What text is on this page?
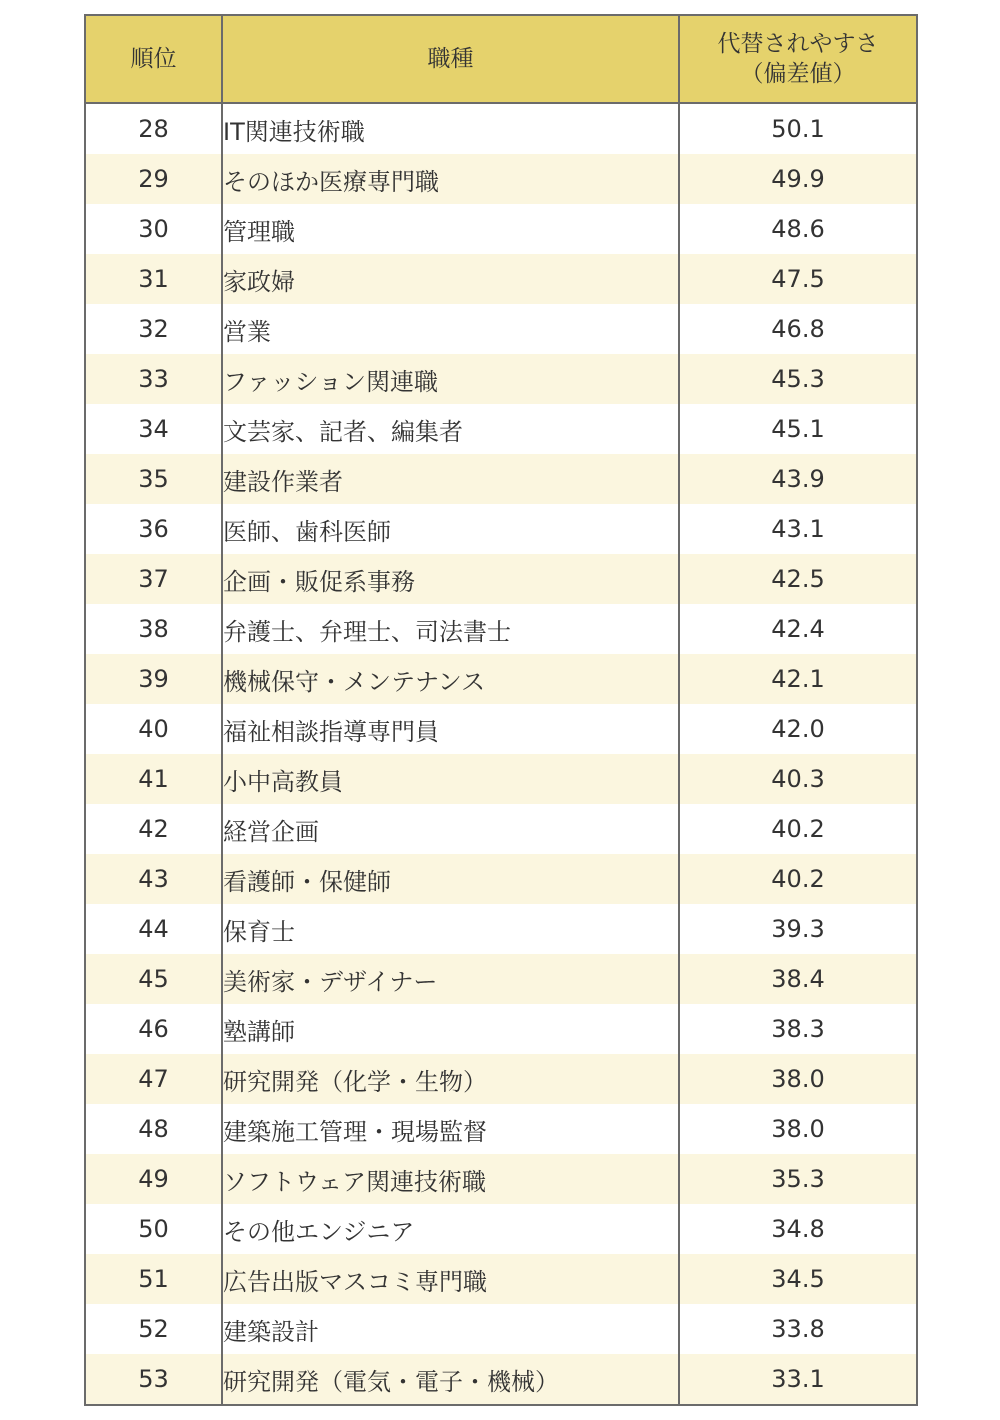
順位	職種	代替されやすさ
（偏差値）

28	IT関連技術職	50.1
29	そのほか医療専門職	49.9
30	管理職	48.6
31	家政婦	47.5
32	営業	46.8
33	ファッション関連職	45.3
34	文芸家、記者、編集者	45.1
35	建設作業者	43.9
36	医師、歯科医師	43.1
37	企画・販促系事務	42.5
38	弁護士、弁理士、司法書士	42.4
39	機械保守・メンテナンス	42.1
40	福祉相談指導専門員	42.0
41	小中高教員	40.3
42	経営企画	40.2
43	看護師・保健師	40.2
44	保育士	39.3
45	美術家・デザイナー	38.4
46	塾講師	38.3
47	研究開発（化学・生物）	38.0
48	建築施工管理・現場監督	38.0
49	ソフトウェア関連技術職	35.3
50	その他エンジニア	34.8
51	広告出版マスコミ専門職	34.5
52	建築設計	33.8
53	研究開発（電気・電子・機械）	33.1
